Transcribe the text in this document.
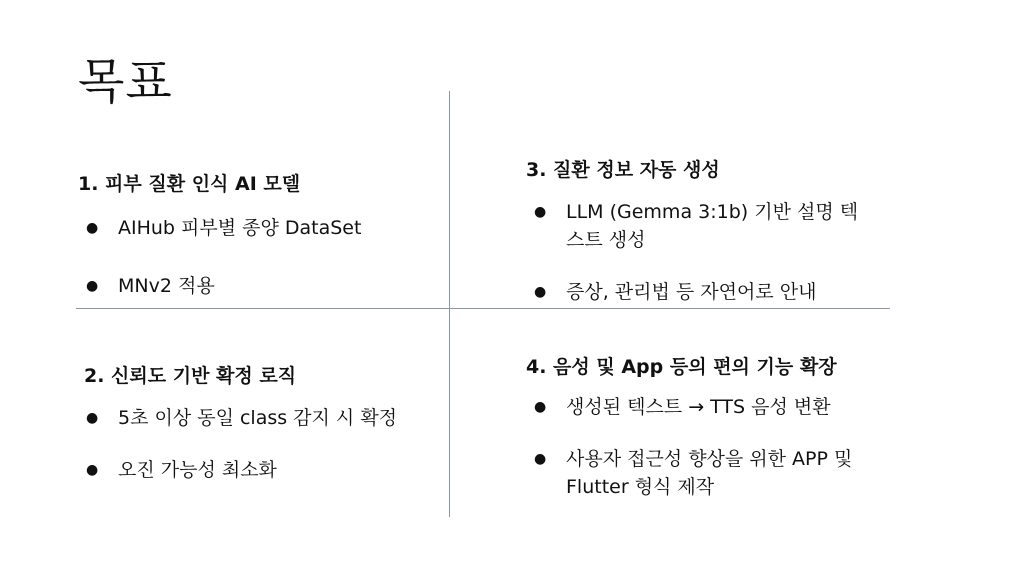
목표
1. 피부 질환 인식 AI 모델
● AIHub 피부별 종양 DataSet
● MNv2 적용
3. 질환 정보 자동 생성
● LLM (Gemma 3:1b) 기반 설명 텍스트 생성
● 증상, 관리법 등 자연어로 안내
2. 신뢰도 기반 확정 로직
● 5초 이상 동일 class 감지 시 확정
● 오진 가능성 최소화
4. 음성 및 App 등의 편의 기능 확장
● 생성된 텍스트 → TTS 음성 변환
● 사용자 접근성 향상을 위한 APP 및 Flutter 형식 제작
